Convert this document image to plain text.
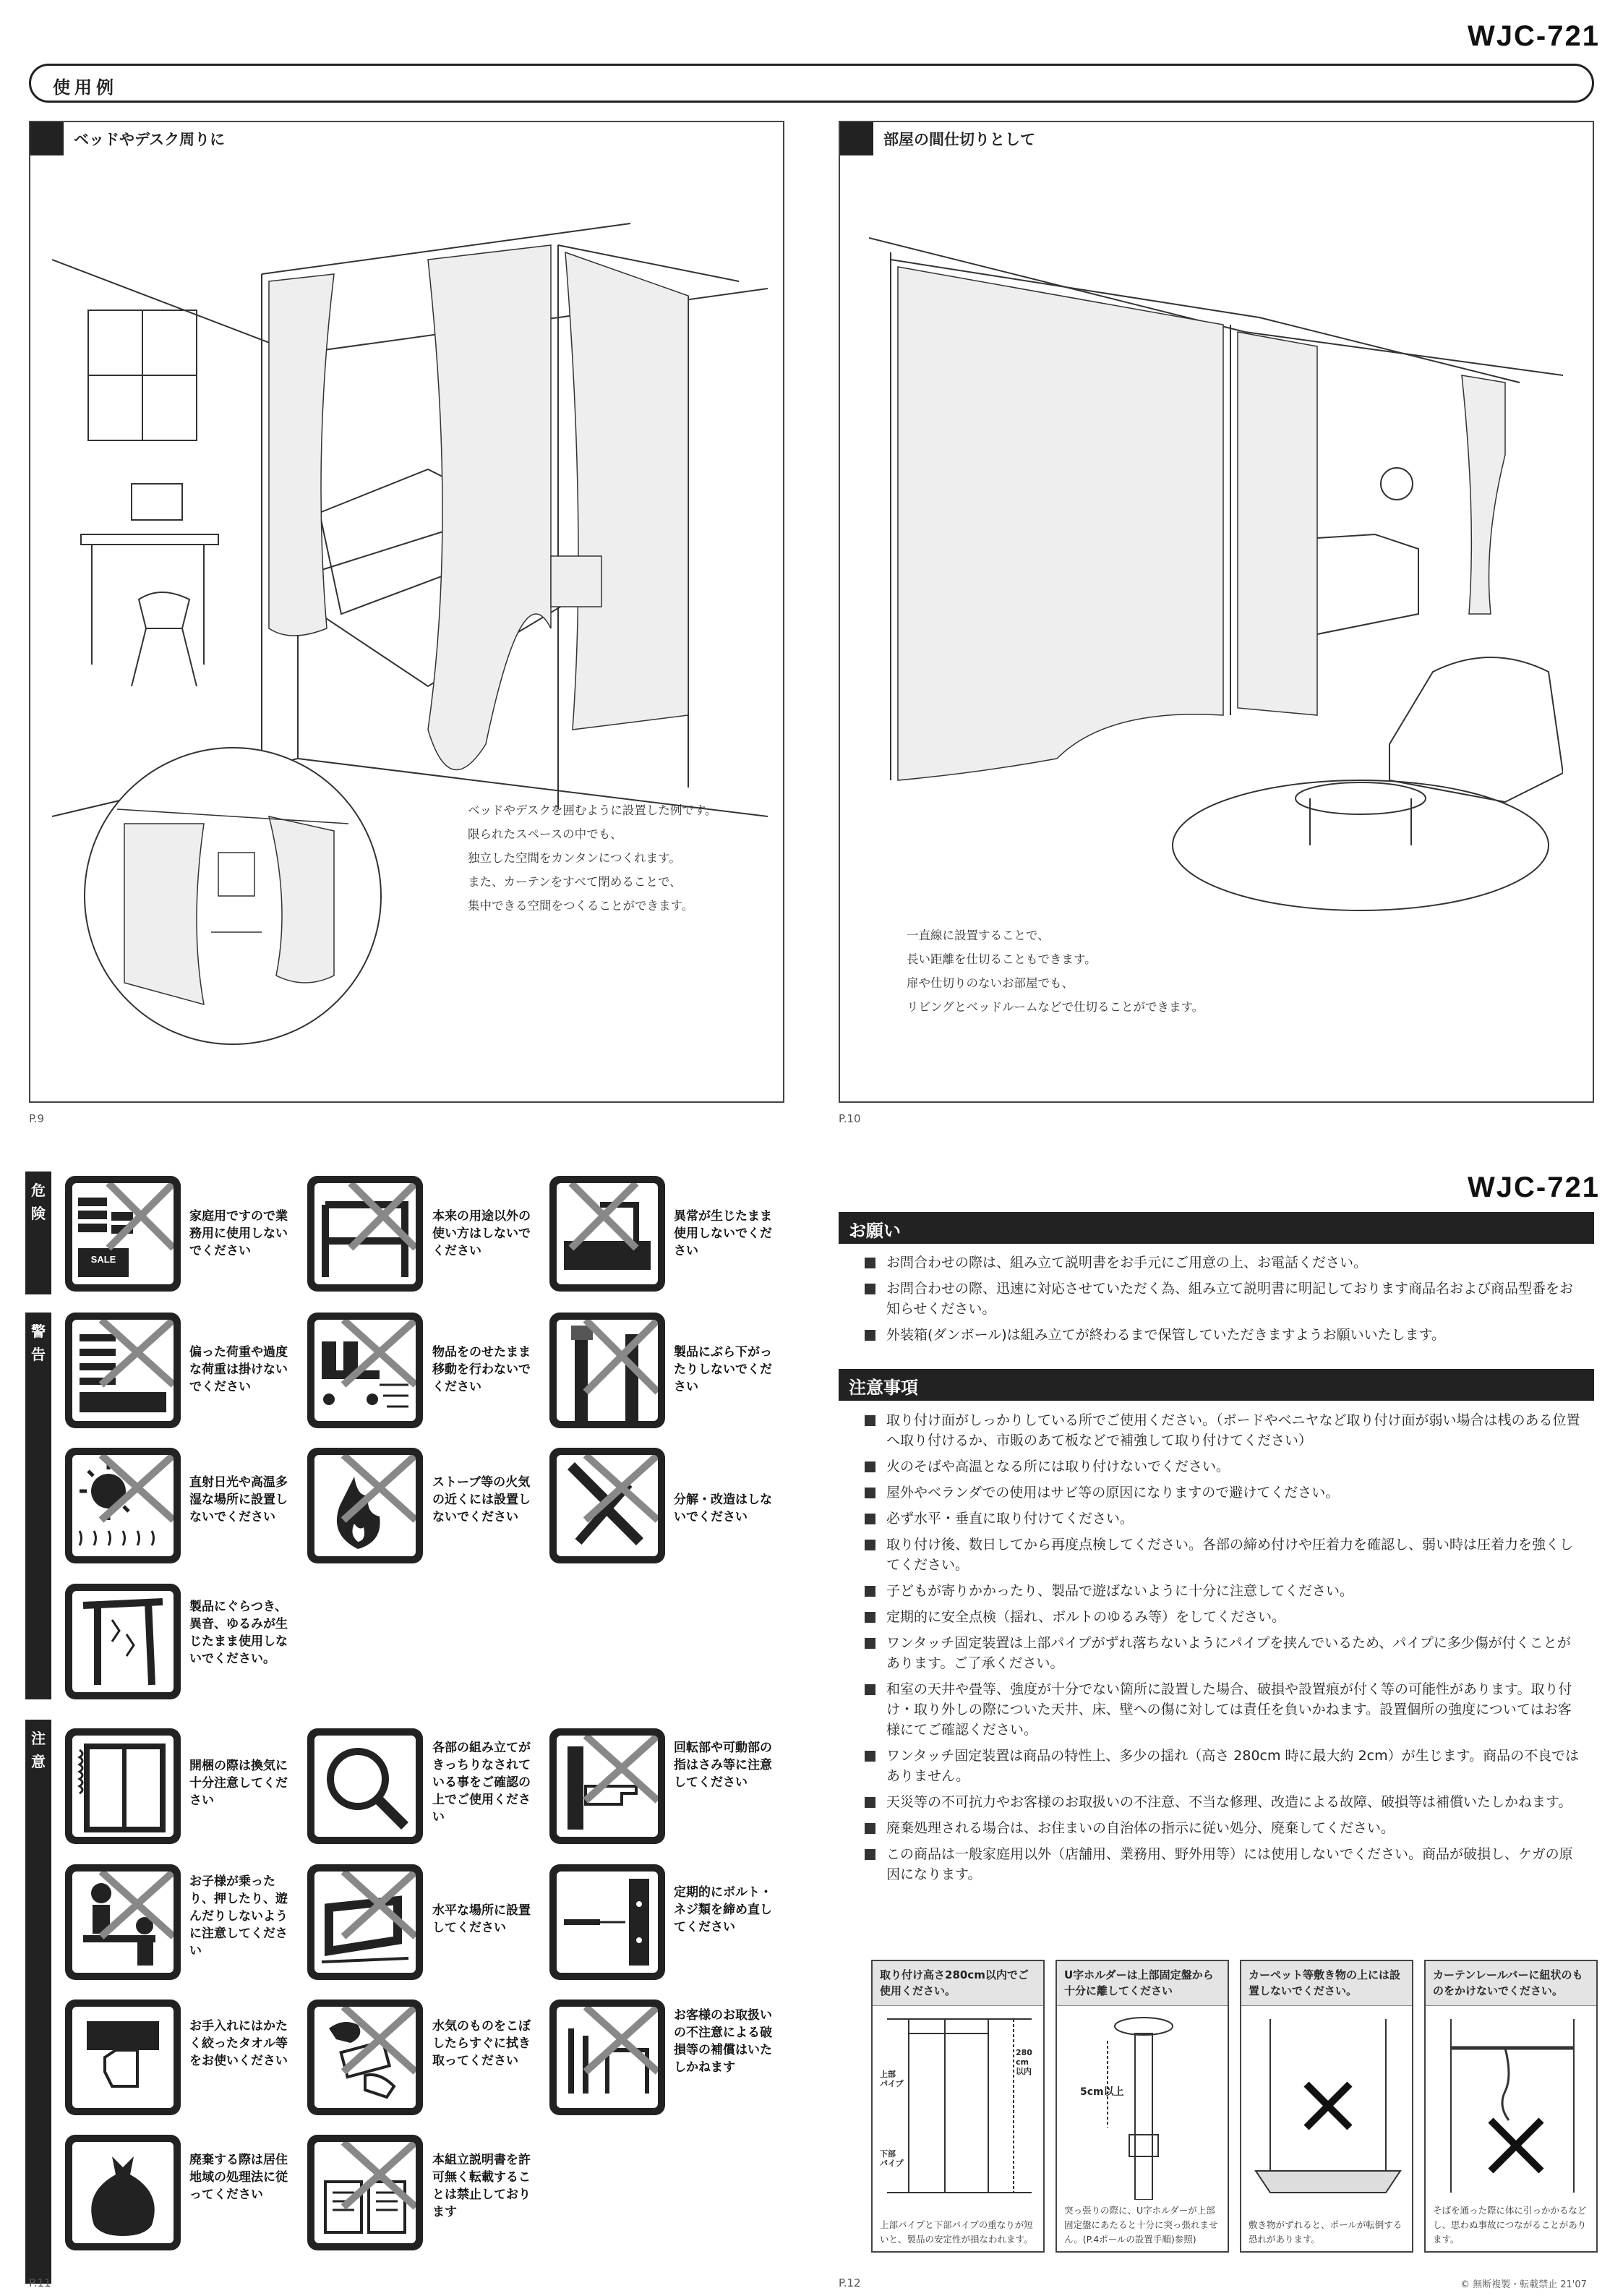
WJC-721
使用例
ベッドやデスク周りに
ベッドやデスクを囲むように設置した例です。
限られたスペースの中でも、
独立した空間をカンタンにつくれます。
また、カーテンをすべて閉めることで、
集中できる空間をつくることができます。
P.9
部屋の間仕切りとして
一直線に設置することで、
長い距離を仕切ることもできます。
扉や仕切りのないお部屋でも、
リビングとベッドルームなどで仕切ることができます。
P.10
危険
警告
注意
SALE
家庭用ですので業務用に使用しないでください
本来の用途以外の使い方はしないでください
異常が生じたまま使用しないでください
偏った荷重や過度な荷重は掛けないでください
物品をのせたまま移動を行わないでください
製品にぶら下がったりしないでください
直射日光や高温多湿な場所に設置しないでください
ストーブ等の火気の近くには設置しないでください
分解・改造はしないでください
製品にぐらつき、異音、ゆるみが生じたまま使用しないでください。
開梱の際は換気に十分注意してください
各部の組み立てがきっちりなされている事をご確認の上でご使用ください
回転部や可動部の指はさみ等に注意してください
お子様が乗ったり、押したり、遊んだりしないように注意してください
水平な場所に設置してください
定期的にボルト・ネジ類を締め直してください
お手入れにはかたく絞ったタオル等をお使いください
水気のものをこぼしたらすぐに拭き取ってください
お客様のお取扱いの不注意による破損等の補償はいたしかねます
廃棄する際は居住地域の処理法に従ってください
本組立説明書を許可無く転載することは禁止しております
P.11
WJC-721
お願い
お問合わせの際は、組み立て説明書をお手元にご用意の上、お電話ください。
お問合わせの際、迅速に対応させていただく為、組み立て説明書に明記しております商品名および商品型番をお知らせください。
外装箱(ダンボール)は組み立てが終わるまで保管していただきますようお願いいたします。
注意事項
取り付け面がしっかりしている所でご使用ください。（ボードやベニヤなど取り付け面が弱い場合は桟のある位置へ取り付けるか、市販のあて板などで補強して取り付けてください）
火のそばや高温となる所には取り付けないでください。
屋外やベランダでの使用はサビ等の原因になりますので避けてください。
必ず水平・垂直に取り付けてください。
取り付け後、数日してから再度点検してください。各部の締め付けや圧着力を確認し、弱い時は圧着力を強くしてください。
子どもが寄りかかったり、製品で遊ばないように十分に注意してください。
定期的に安全点検（揺れ、ボルトのゆるみ等）をしてください。
ワンタッチ固定装置は上部パイプがずれ落ちないようにパイプを挟んでいるため、パイプに多少傷が付くことがあります。ご了承ください。
和室の天井や畳等、強度が十分でない箇所に設置した場合、破損や設置痕が付く等の可能性があります。取り付け・取り外しの際についた天井、床、壁への傷に対しては責任を負いかねます。設置個所の強度についてはお客様にてご確認ください。
ワンタッチ固定装置は商品の特性上、多少の揺れ（高さ 280cm 時に最大約 2cm）が生じます。商品の不良ではありません。
天災等の不可抗力やお客様のお取扱いの不注意、不当な修理、改造による故障、破損等は補償いたしかねます。
廃棄処理される場合は、お住まいの自治体の指示に従い処分、廃棄してください。
この商品は一般家庭用以外（店舗用、業務用、野外用等）には使用しないでください。商品が破損し、ケガの原因になります。
取り付け高さ280cm以内でご使用ください。
上部
パイプ
下部
パイプ
280
cm
以内
上部パイプと下部パイプの重なりが短いと、製品の安定性が損なわれます。
U字ホルダーは上部固定盤から十分に離してください
5cm以上
突っ張りの際に、U字ホルダーが上部固定盤にあたると十分に突っ張れません。(P.4ポールの設置手順)参照)
カーペット等敷き物の上には設置しないでください。
敷き物がずれると、ポールが転倒する恐れがあります。
カーテンレールバーに紐状のものをかけないでください。
そばを通った際に体に引っかかるなどし、思わぬ事故につながることがあります。
P.12	© 無断複製・転載禁止 21'07
